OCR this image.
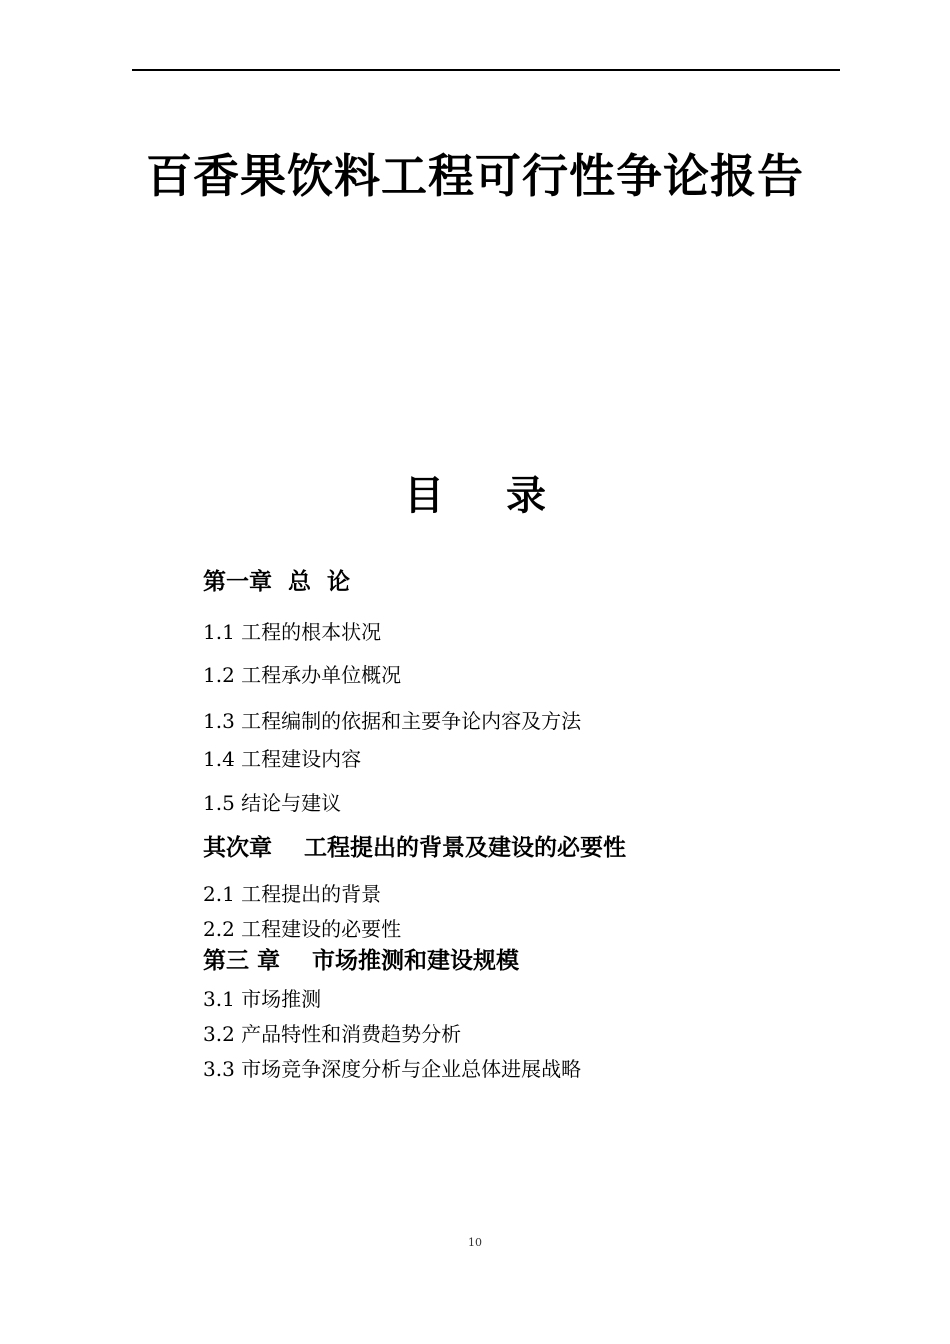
百香果饮料工程可行性争论报告
目 录
第一章  总  论
1.1 工程的根本状况
1.2 工程承办单位概况
1.3 工程编制的依据和主要争论内容及方法
1.4 工程建设内容
1.5 结论与建议
其次章    工程提出的背景及建设的必要性
2.1 工程提出的背景
2.2 工程建设的必要性
第三 章    市场推测和建设规模
3.1 市场推测
3.2 产品特性和消费趋势分析
3.3 市场竞争深度分析与企业总体进展战略
10
